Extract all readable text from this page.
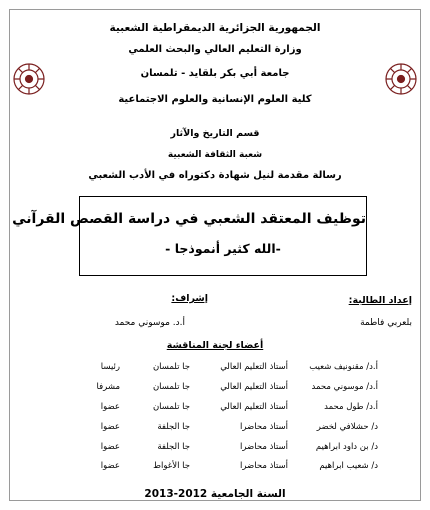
الجمهورية الجزائرية الديمقراطية الشعبية
وزارة التعليم العالي والبحث العلمي
جامعة أبي بكر بلقايد - تلمسان
كلية العلوم الإنسانية والعلوم الاجتماعية
قسم التاريخ والآثار
شعبة الثقافة الشعبية
رسالة مقدمة لنيل شهادة دكتوراه في الأدب الشعبي
توظيف المعتقد الشعبي في دراسة القصص القرآني
-الله كثير أنموذجا -
إعداد الطالبة:
بلعربي فاطمة
إشراف:
أ.د. موسوني محمد
أعضاء لجنة المناقشة
أ.د/ مقنونيف شعيب
أستاذ التعليم العالي
جا تلمسان
رئيسا
أ.د/ موسوني محمد
أستاذ التعليم العالي
جا تلمسان
مشرفا
أ.د/ طول محمد
أستاذ التعليم العالي
جا تلمسان
عضوا
د/ حشلافي لخضر
أستاذ محاضرا
جا الجلفة
عضوا
د/ بن داود ابراهيم
أستاذ محاضرا
جا الجلفة
عضوا
د/ شعيب ابراهيم
أستاذ محاضرا
جا الأغواط
عضوا
السنة الجامعية 2012-2013
